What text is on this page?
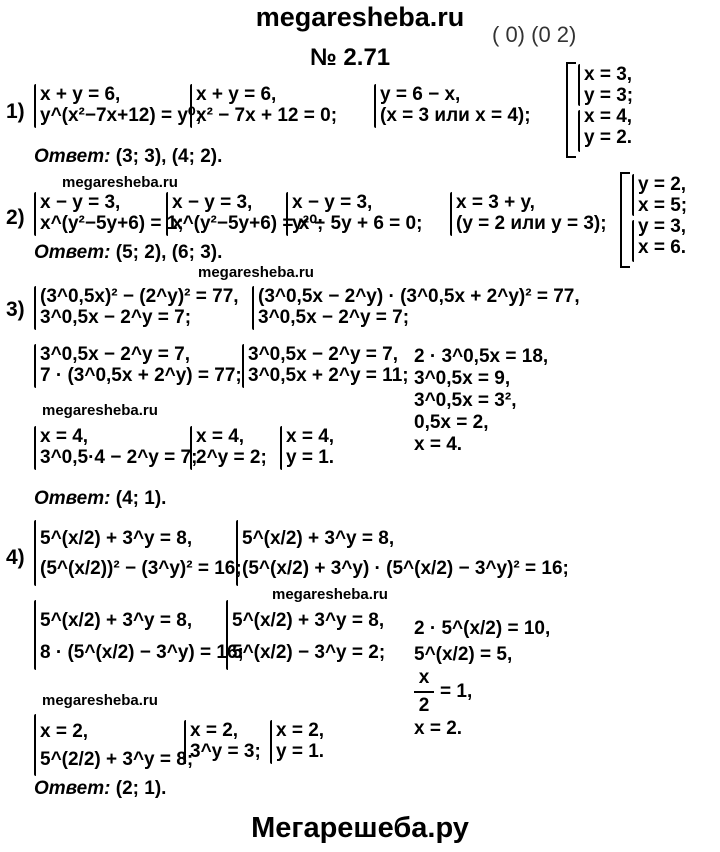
megaresheba.ru
( 0) (0 2)
№ 2.71
Мегарешеба.ру
1)
x + y = 6,
y^(x²−7x+12) = y⁰;
x + y = 6,
x² − 7x + 12 = 0;
y = 6 − x,
(x = 3 или x = 4);
x = 3,
y = 3;
x = 4,
y = 2.
Ответ: (3; 3), (4; 2).
megaresheba.ru
2)
x − y = 3,
x^(y²−5y+6) = 1;
x − y = 3,
x^(y²−5y+6) = x⁰;
x − y = 3,
y² − 5y + 6 = 0;
x = 3 + y,
(y = 2 или y = 3);
y = 2,
x = 5;
y = 3,
x = 6.
Ответ: (5; 2), (6; 3).
megaresheba.ru
3)
(3^0,5x)² − (2^y)² = 77,
3^0,5x − 2^y = 7;
(3^0,5x − 2^y) · (3^0,5x + 2^y)² = 77,
3^0,5x − 2^y = 7;
3^0,5x − 2^y = 7,
7 · (3^0,5x + 2^y) = 77;
3^0,5x − 2^y = 7,
3^0,5x + 2^y = 11;
2 · 3^0,5x = 18,
3^0,5x = 9,
3^0,5x = 3²,
0,5x = 2,
x = 4.
megaresheba.ru
x = 4,
3^0,5·4 − 2^y = 7;
x = 4,
2^y = 2;
x = 4,
y = 1.
Ответ: (4; 1).
4)
5^(x/2) + 3^y = 8,
(5^(x/2))² − (3^y)² = 16;
5^(x/2) + 3^y = 8,
(5^(x/2) + 3^y) · (5^(x/2) − 3^y)² = 16;
megaresheba.ru
5^(x/2) + 3^y = 8,
8 · (5^(x/2) − 3^y) = 16;
5^(x/2) + 3^y = 8,
5^(x/2) − 3^y = 2;
2 · 5^(x/2) = 10,
5^(x/2) = 5,
$\frac{x}{2} = 1$,
x = 2.
megaresheba.ru
x = 2,
5^(2/2) + 3^y = 8;
x = 2,
3^y = 3;
x = 2,
y = 1.
Ответ: (2; 1).
